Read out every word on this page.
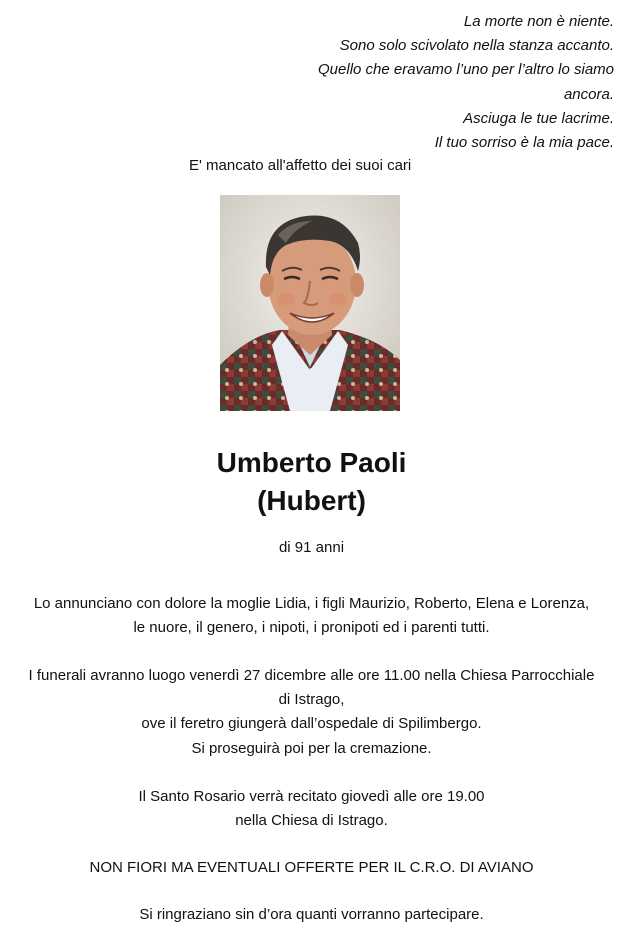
La morte non è niente.
Sono solo scivolato nella stanza accanto.
Quello che eravamo l’uno per l’altro lo siamo
ancora.
Asciuga le tue lacrime.
Il tuo sorriso è la mia pace.
E' mancato all'affetto dei suoi cari
Umberto Paoli
(Hubert)
di 91 anni
Lo annunciano con dolore la moglie Lidia, i figli Maurizio, Roberto, Elena e Lorenza,
le nuore, il genero, i nipoti, i pronipoti ed i parenti tutti.
I funerali avranno luogo venerdì 27 dicembre alle ore 11.00 nella Chiesa Parrocchiale
di Istrago,
ove il feretro giungerà dall’ospedale di Spilimbergo.
Si proseguirà poi per la cremazione.
Il Santo Rosario verrà recitato giovedì alle ore 19.00
nella Chiesa di Istrago.
NON FIORI MA EVENTUALI OFFERTE PER IL C.R.O. DI AVIANO
Si ringraziano sin d’ora quanti vorranno partecipare.
